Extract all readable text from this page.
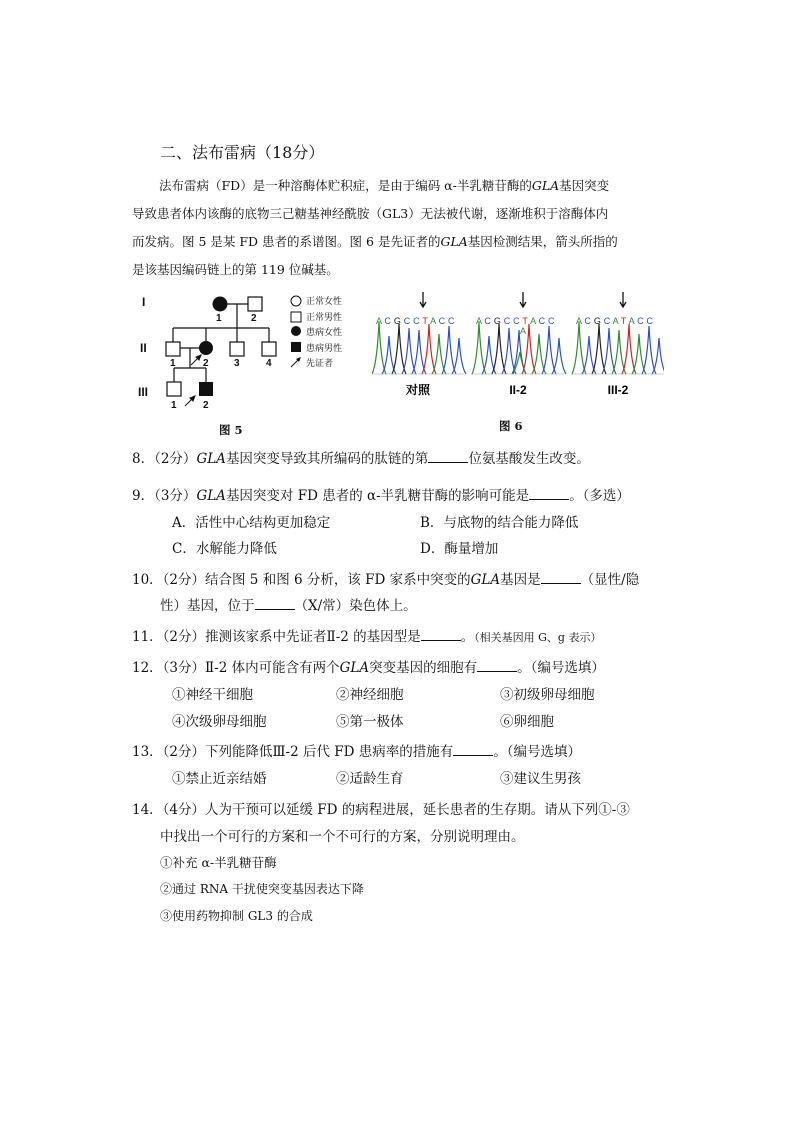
二、法布雷病（18分）
法布雷病（FD）是一种溶酶体贮积症，是由于编码 α-半乳糖苷酶的GLA基因突变
导致患者体内该酶的底物三己糖基神经酰胺（GL3）无法被代谢，逐渐堆积于溶酶体内
而发病。图 5 是某 FD 患者的系谱图。图 6 是先证者的GLA基因检测结果，箭头所指的
是该基因编码链上的第 119 位碱基。
I
II
III
1	2
1	2	3	4
1	2
正常女性
正常男性
患病女性
患病男性
先证者
图 5
A C G C C T A C C
对照
A C G C C T A C C
A
II-2
A C G C A T A C C
III-2
图 6
8．（2分）GLA基因突变导致其所编码的肽链的第	位氨基酸发生改变。
9．（3分）GLA基因突变对 FD 患者的 α-半乳糖苷酶的影响可能是	。（多选）
A．活性中心结构更加稳定	B．与底物的结合能力降低
C．水解能力降低	D．酶量增加
10．（2分）结合图 5 和图 6 分析，该 FD 家系中突变的GLA基因是	（显性/隐
性）基因，位于	（X/常）染色体上。
11．（2分）推测该家系中先证者Ⅱ-2 的基因型是	。（相关基因用 G、g 表示）
12．（3分）Ⅱ-2 体内可能含有两个GLA突变基因的细胞有	。（编号选填）
①神经干细胞	②神经细胞	③初级卵母细胞
④次级卵母细胞	⑤第一极体	⑥卵细胞
13．（2分）下列能降低Ⅲ-2 后代 FD 患病率的措施有	。（编号选填）
①禁止近亲结婚	②适龄生育	③建议生男孩
14．（4分）人为干预可以延缓 FD 的病程进展，延长患者的生存期。请从下列①-③
中找出一个可行的方案和一个不可行的方案，分别说明理由。
①补充 α-半乳糖苷酶
②通过 RNA 干扰使突变基因表达下降
③使用药物抑制 GL3 的合成
